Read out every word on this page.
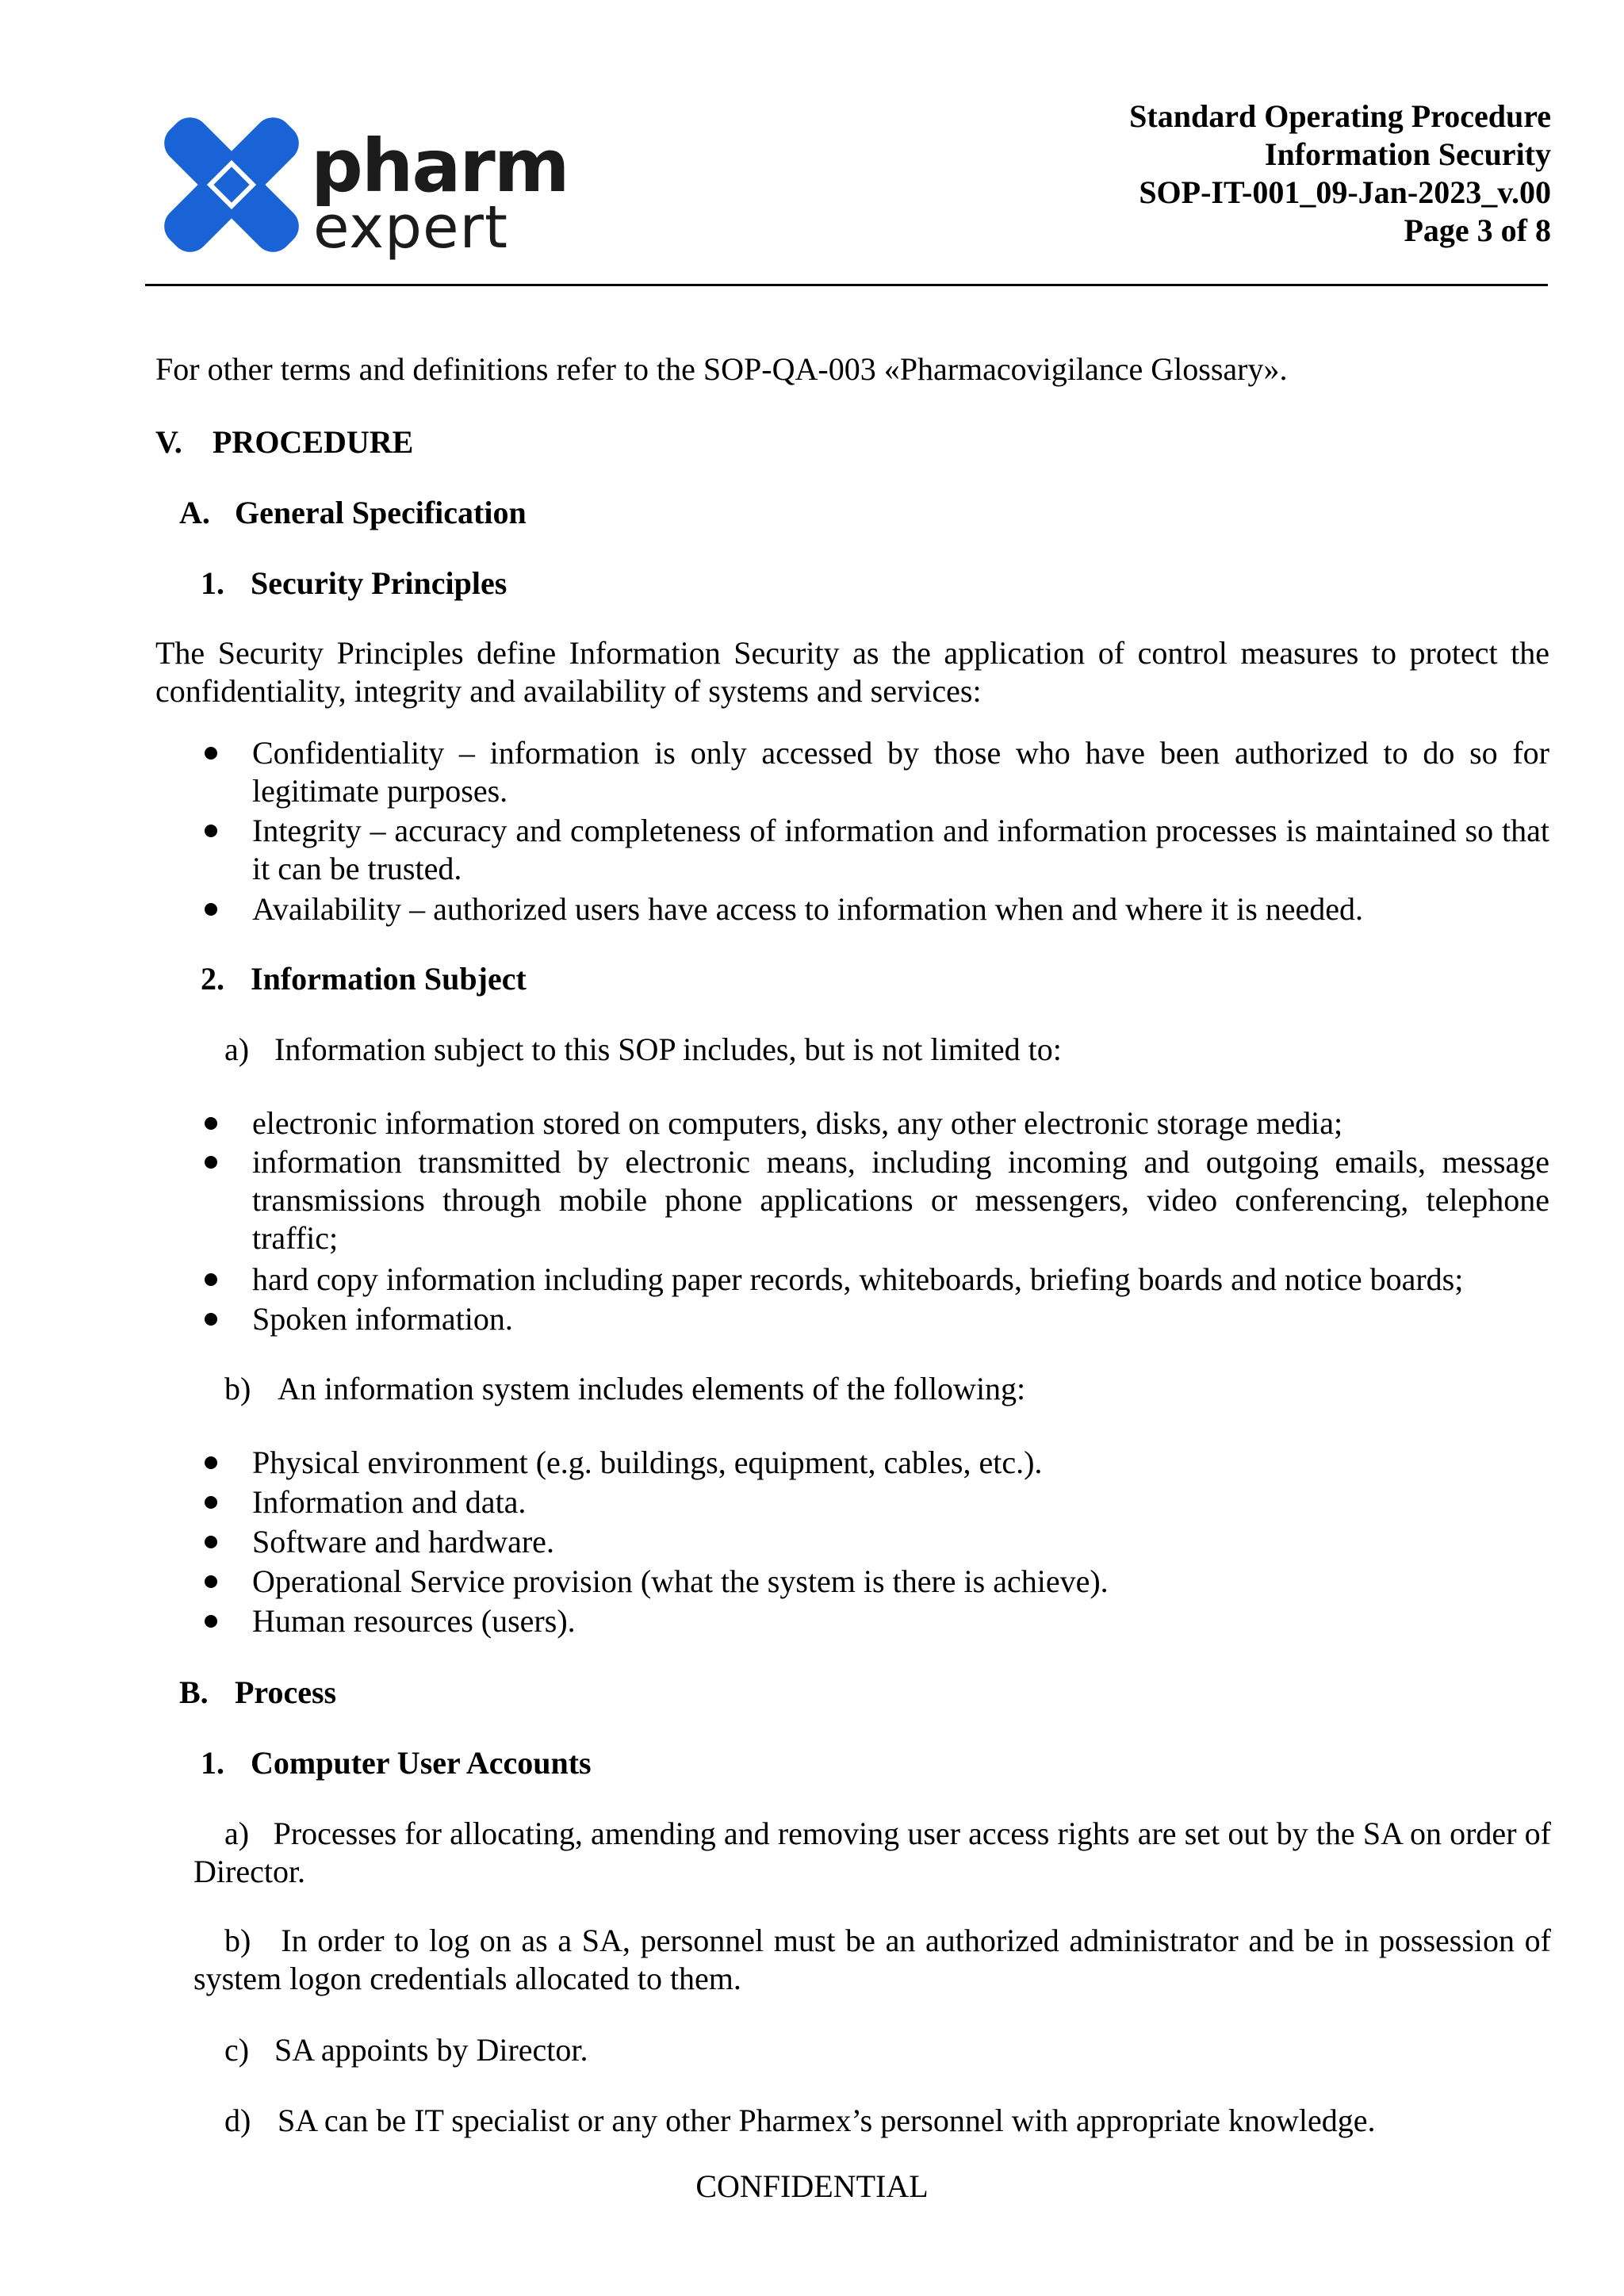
pharm
expert
Standard Operating Procedure
Information Security
SOP-IT-001_09-Jan-2023_v.00
Page 3 of 8
For other terms and definitions refer to the SOP-QA-003 «Pharmacovigilance Glossary».
V. PROCEDURE
A. General Specification
1. Security Principles
The Security Principles define Information Security as the application of control measures to protect the confidentiality, integrity and availability of systems and services:
Confidentiality – information is only accessed by those who have been authorized to do so for legitimate purposes.
Integrity – accuracy and completeness of information and information processes is maintained so that it can be trusted.
Availability – authorized users have access to information when and where it is needed.
2. Information Subject
a) Information subject to this SOP includes, but is not limited to:
electronic information stored on computers, disks, any other electronic storage media;
information transmitted by electronic means, including incoming and outgoing emails, message transmissions through mobile phone applications or messengers, video conferencing, telephone traffic;
hard copy information including paper records, whiteboards, briefing boards and notice boards;
Spoken information.
b) An information system includes elements of the following:
Physical environment (e.g. buildings, equipment, cables, etc.).
Information and data.
Software and hardware.
Operational Service provision (what the system is there is achieve).
Human resources (users).
B. Process
1. Computer User Accounts
a) Processes for allocating, amending and removing user access rights are set out by the SA on order of Director.
b) In order to log on as a SA, personnel must be an authorized administrator and be in possession of system logon credentials allocated to them.
c) SA appoints by Director.
d) SA can be IT specialist or any other Pharmex’s personnel with appropriate knowledge.
CONFIDENTIAL
